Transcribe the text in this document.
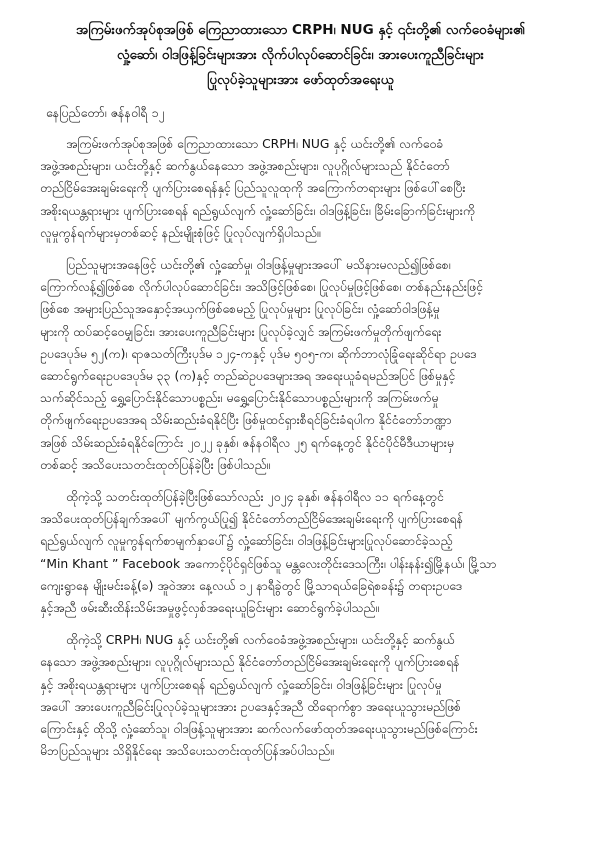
အကြမ်းဖက်အုပ်စုအဖြစ် ကြေညာထားသော CRPH၊ NUG နှင့် ၎င်းတို့၏ လက်ဝေခံများ၏
လှုံ့ဆော်၊ ဝါဒဖြန့်ခြင်းများအား လိုက်ပါလုပ်ဆောင်ခြင်း၊ အားပေးကူညီခြင်းများ
ပြုလုပ်ခဲ့သူများအား ဖော်ထုတ်အရေးယူ
နေပြည်တော်၊ ဇန်နဝါရီ ၁၂
အကြမ်းဖက်အုပ်စုအဖြစ် ကြေညာထားသော CRPH၊ NUG နှင့် ယင်းတို့၏ လက်ဝေခံ
အဖွဲ့အစည်းများ၊ ယင်းတို့နှင့် ဆက်နွယ်နေသော အဖွဲ့အစည်းများ၊ လူပုဂ္ဂိုလ်များသည် နိုင်ငံတော်
တည်ငြိမ်အေးချမ်းရေးကို ပျက်ပြားစေရန်နှင့် ပြည်သူလူထုကို အကြောက်တရားများ ဖြစ်ပေါ်စေပြီး
အစိုးရယန္တရားများ ပျက်ပြားစေရန် ရည်ရွယ်လျက် လှုံ့ဆော်ခြင်း၊ ဝါဒဖြန့်ခြင်း၊ ခြိမ်းခြောက်ခြင်းများကို
လူမှုကွန်ရက်များမှတစ်ဆင့် နည်းမျိုးစုံဖြင့် ပြုလုပ်လျက်ရှိပါသည်။
ပြည်သူများအနေဖြင့် ယင်းတို့၏ လှုံ့ဆော်မှု၊ ဝါဒဖြန့်မှုများအပေါ် မသိနားမလည်၍ဖြစ်စေ၊
ကြောက်လန့်၍ဖြစ်စေ လိုက်ပါလုပ်ဆောင်ခြင်း၊ အသိဖြင့်ဖြစ်စေ၊ ပြုလုပ်မှုဖြင့်ဖြစ်စေ၊ တစ်နည်းနည်းဖြင့်
ဖြစ်စေ အများပြည်သူအနှောင့်အယှက်ဖြစ်စေမည့် ပြုလုပ်မှုများ ပြုလုပ်ခြင်း၊ လှုံ့ဆော်ဝါဒဖြန့်မှု
များကို ထပ်ဆင့်ဝေမျှခြင်း၊ အားပေးကူညီခြင်းများ ပြုလုပ်ခဲ့လျှင် အကြမ်းဖက်မှုတိုက်ဖျက်ရေး
ဥပဒေပုဒ်မ ၅၂(က)၊ ရာဇသတ်ကြီးပုဒ်မ ၁၂၄-ကနှင့် ပုဒ်မ ၅၀၅-က၊ ဆိုက်ဘာလုံခြုံရေးဆိုင်ရာ ဥပဒေ
ဆောင်ရွက်ရေးဥပဒေပုဒ်မ ၃၃ (က)နှင့် တည်ဆဲဥပဒေများအရ အရေးယူခံရမည်အပြင် ဖြစ်မှုနှင့်
သက်ဆိုင်သည့် ရွှေ့ပြောင်းနိုင်သောပစ္စည်း၊ မရွှေ့ပြောင်းနိုင်သောပစ္စည်းများကို အကြမ်းဖက်မှု
တိုက်ဖျက်ရေးဥပဒေအရ သိမ်းဆည်းခံရနိုင်ပြီး ဖြစ်မှုထင်ရှားစီရင်ခြင်းခံရပါက နိုင်ငံတော်ဘဏ္ဍာ
အဖြစ် သိမ်းဆည်းခံရနိုင်ကြောင်း ၂၀၂၂ ခုနှစ်၊ ဇန်နဝါရီလ ၂၅ ရက်နေ့တွင် နိုင်ငံပိုင်မီဒီယာများမှ
တစ်ဆင့် အသိပေးသတင်းထုတ်ပြန်ခဲ့ပြီး ဖြစ်ပါသည်။
ထိုကဲ့သို့ သတင်းထုတ်ပြန်ခဲ့ပြီးဖြစ်သော်လည်း ၂၀၂၄ ခုနှစ်၊ ဇန်နဝါရီလ ၁၁ ရက်နေ့တွင်
အသိပေးထုတ်ပြန်ချက်အပေါ် မျက်ကွယ်ပြု၍ နိုင်ငံတော်တည်ငြိမ်အေးချမ်းရေးကို ပျက်ပြားစေရန်
ရည်ရွယ်လျက် လူမှုကွန်ရက်စာမျက်နှာပေါ်၌ လှုံ့ဆော်ခြင်း၊ ဝါဒဖြန့်ခြင်းများပြုလုပ်ဆောင်ခဲ့သည့်
“Min Khant ” Facebook အကောင့်ပိုင်ရှင်ဖြစ်သူ မန္တလေးတိုင်းဒေသကြီး၊ ပါန်းနန်း၍မြို့နယ်၊ မြို့သာ
ကျေးရွာနေ မျိုးမင်းခန့်(ခ) အူဝဲအား နေ့လယ် ၁၂ နာရီခွဲတွင် မြို့သာရယ်ခြေရဲစခန်း၌ တရားဥပဒေ
နှင့်အညီ ဖမ်းဆီးထိန်းသိမ်းအမှုဖွင့်လှစ်အရေးယူခြင်းများ ဆောင်ရွက်ခဲ့ပါသည်။
ထိုကဲ့သို့ CRPH၊ NUG နှင့် ယင်းတို့၏ လက်ဝေခံအဖွဲ့အစည်းများ၊ ယင်းတို့နှင့် ဆက်နွယ်
နေသော အဖွဲ့အစည်းများ၊ လူပုဂ္ဂိုလ်များသည် နိုင်ငံတော်တည်ငြိမ်အေးချမ်းရေးကို ပျက်ပြားစေရန်
နှင့် အစိုးရယန္တရားများ ပျက်ပြားစေရန် ရည်ရွယ်လျက် လှုံ့ဆော်ခြင်း၊ ဝါဒဖြန့်ခြင်းများ ပြုလုပ်မှု
အပေါ် အားပေးကူညီခြင်းပြုလုပ်ခဲ့သူများအား ဥပဒေနှင့်အညီ ထိရောက်စွာ အရေးယူသွားမည်ဖြစ်
ကြောင်းနှင့် ထိုသို့ လှုံ့ဆော်သူ၊ ဝါဒဖြန့်သူများအား ဆက်လက်ဖော်ထုတ်အရေးယူသွားမည်ဖြစ်ကြောင်း
မိဘပြည်သူများ သိရှိနိုင်ရေး အသိပေးသတင်းထုတ်ပြန်အပ်ပါသည်။
